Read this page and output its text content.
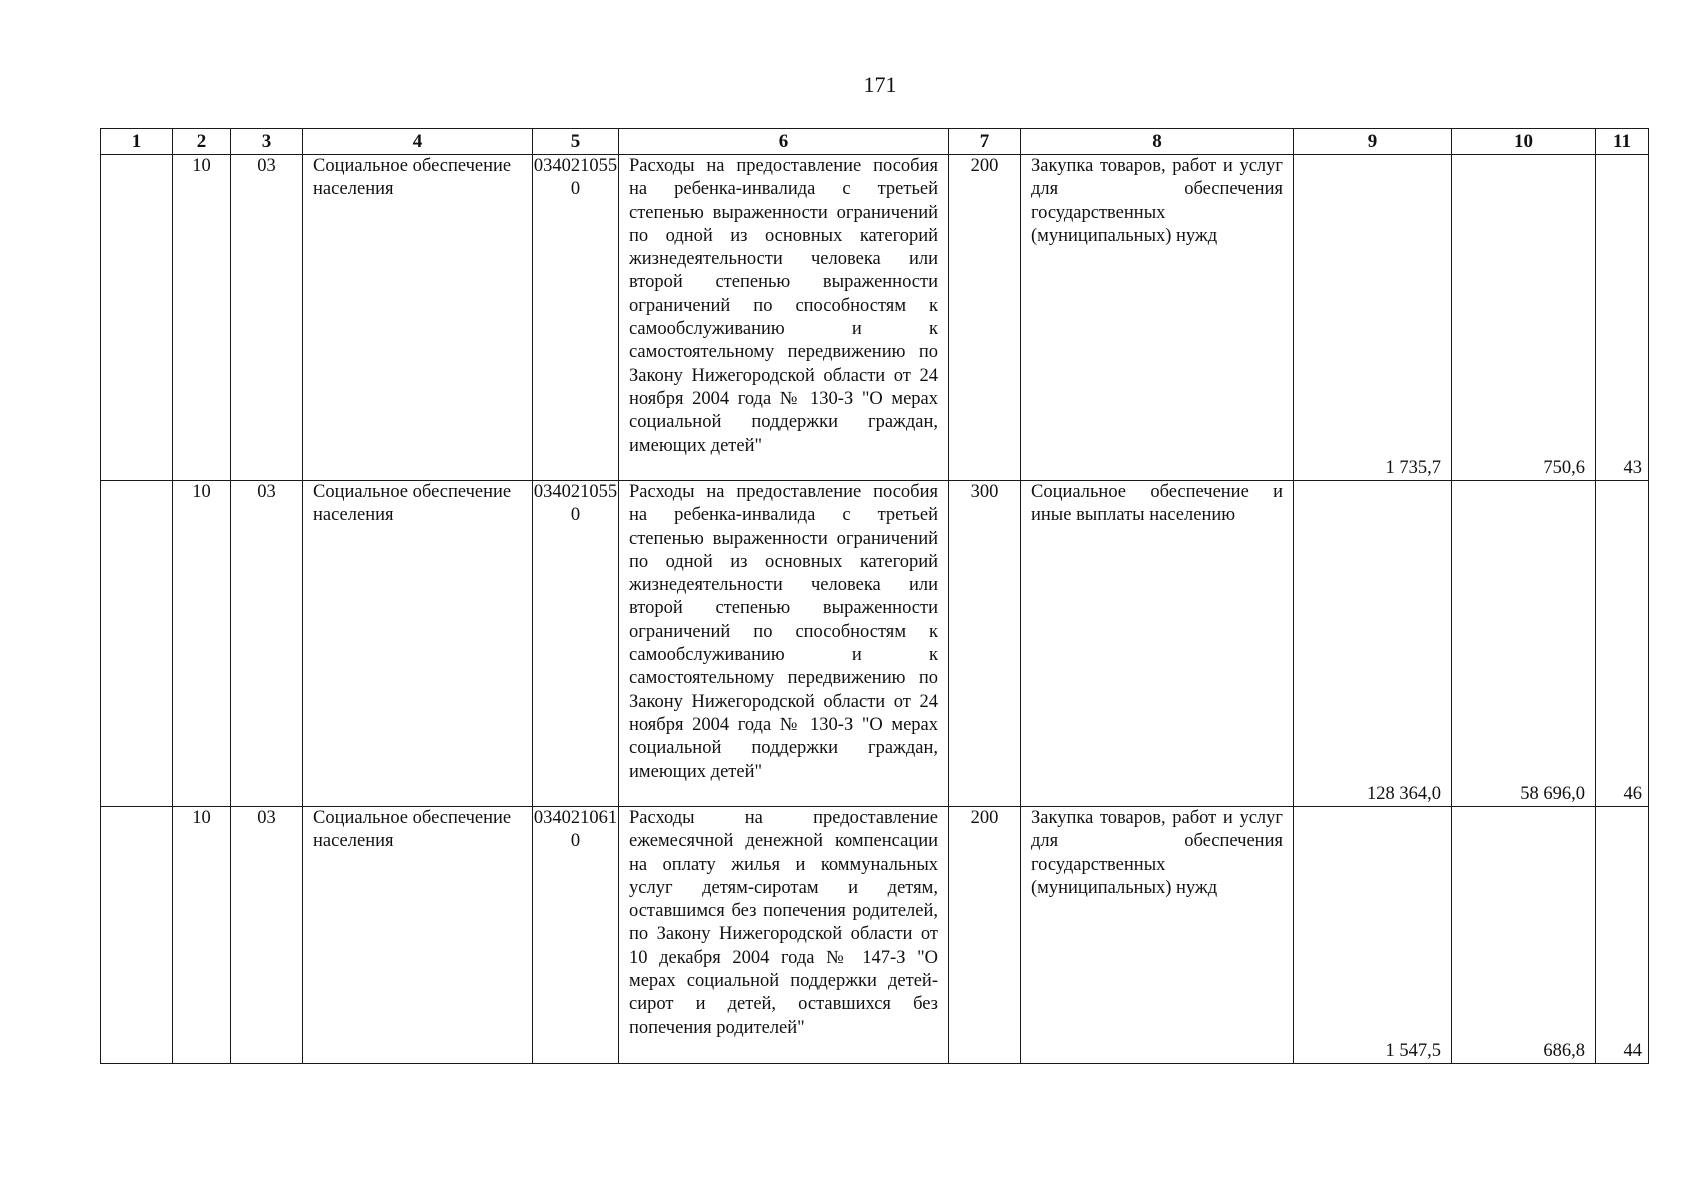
171
1	2	3	4	5	6	7	8	9	10	11
	10	03	Социальное обеспечение населения	0340210550	Расходы на предоставление пособия на ребенка-инвалида с третьей степенью выраженности ограничений по одной из основных категорий жизнедеятельности человека или второй степенью выраженности ограничений по способностям к самообслуживанию и к самостоятельному передвижению по Закону Нижегородской области от 24 ноября 2004 года № 130-З "О мерах социальной поддержки граждан, имеющих детей"	200	Закупка товаров, работ и услуг для обеспечения государственных (муниципальных) нужд	1 735,7	750,6	43
	10	03	Социальное обеспечение населения	0340210550	Расходы на предоставление пособия на ребенка-инвалида с третьей степенью выраженности ограничений по одной из основных категорий жизнедеятельности человека или второй степенью выраженности ограничений по способностям к самообслуживанию и к самостоятельному передвижению по Закону Нижегородской области от 24 ноября 2004 года № 130-З "О мерах социальной поддержки граждан, имеющих детей"	300	Социальное обеспечение и иные выплаты населению	128 364,0	58 696,0	46
	10	03	Социальное обеспечение населения	0340210610	Расходы на предоставление ежемесячной денежной компенсации на оплату жилья и коммунальных услуг детям-сиротам и детям, оставшимся без попечения родителей, по Закону Нижегородской области от 10 декабря 2004 года № 147-З "О мерах социальной поддержки детей-сирот и детей, оставшихся без попечения родителей"	200	Закупка товаров, работ и услуг для обеспечения государственных (муниципальных) нужд	1 547,5	686,8	44
